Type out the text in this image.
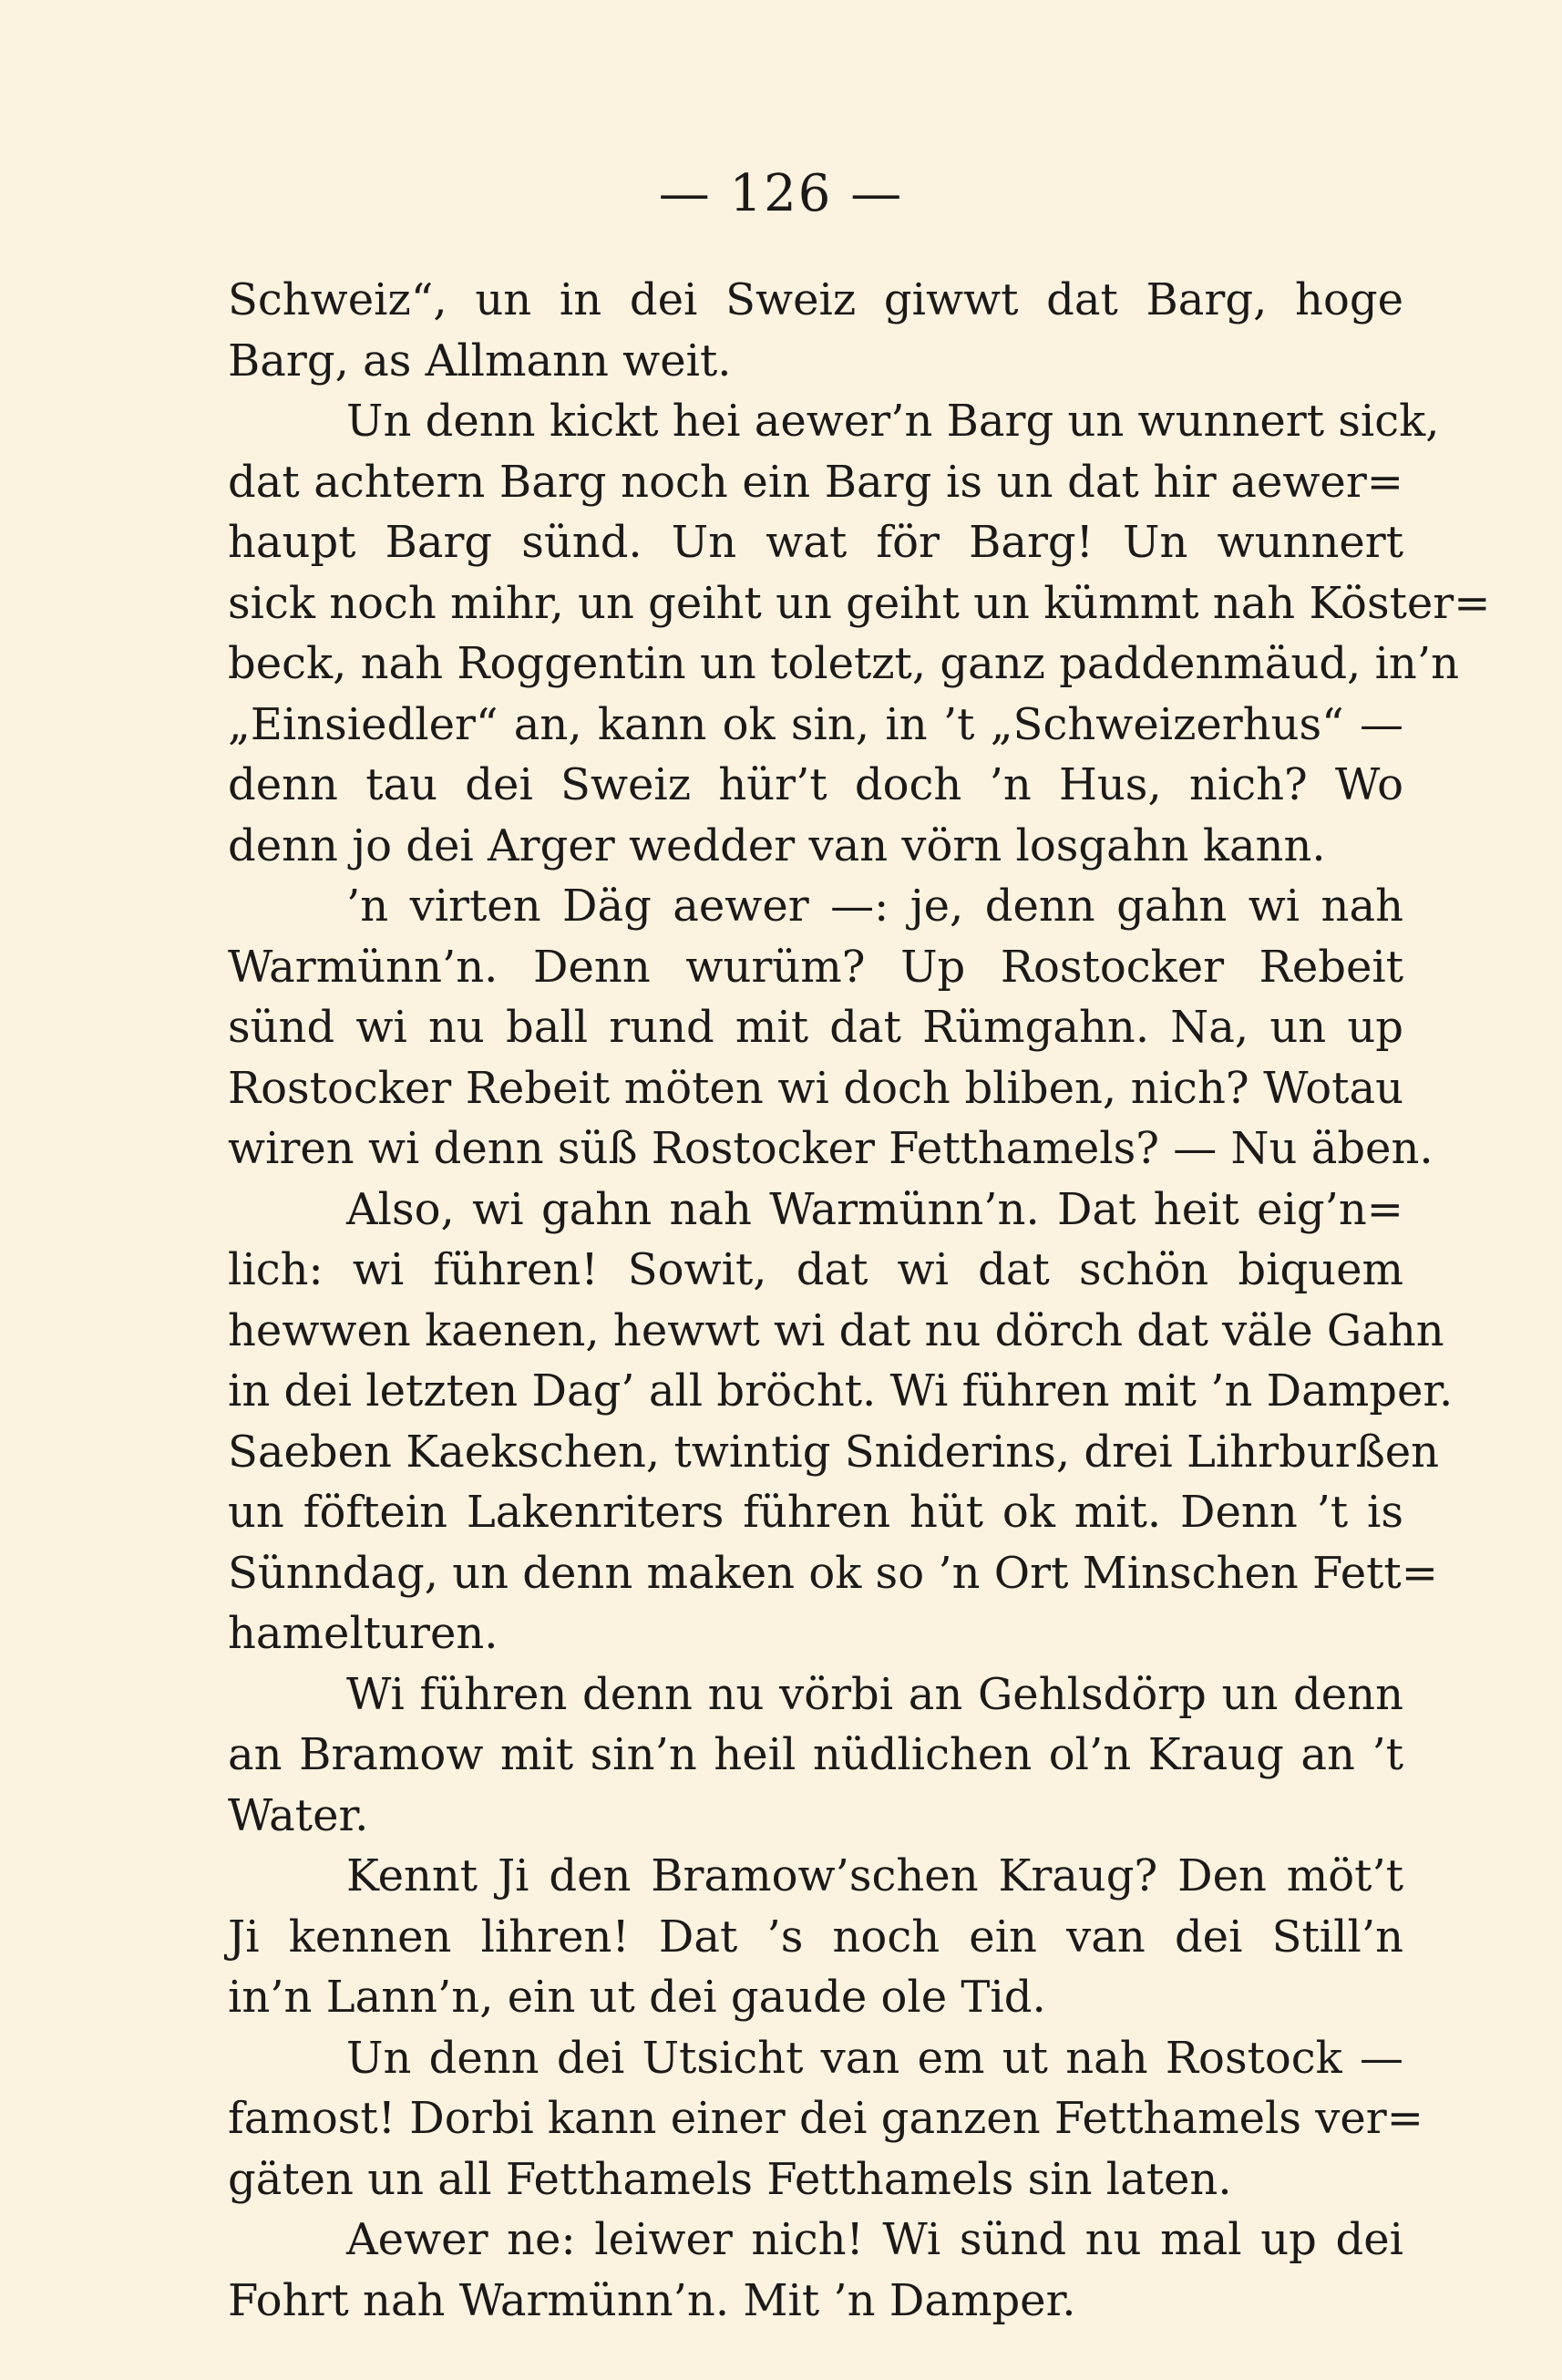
— 126 —
Schweiz“, un in dei Sweiz giwwt dat Barg, hoge
Barg, as Allmann weit.
Un denn kickt hei aewer’n Barg un wunnert sick,
dat achtern Barg noch ein Barg is un dat hir aewer=
haupt Barg sünd. Un wat för Barg! Un wunnert
sick noch mihr, un geiht un geiht un kümmt nah Köster=
beck, nah Roggentin un toletzt, ganz paddenmäud, in’n
„Einsiedler“ an, kann ok sin, in ’t „Schweizerhus“ —
denn tau dei Sweiz hür’t doch ’n Hus, nich? Wo
denn jo dei Arger wedder van vörn losgahn kann.
’n virten Däg aewer —: je, denn gahn wi nah
Warmünn’n. Denn wurüm? Up Rostocker Rebeit
sünd wi nu ball rund mit dat Rümgahn. Na, un up
Rostocker Rebeit möten wi doch bliben, nich? Wotau
wiren wi denn süß Rostocker Fetthamels? — Nu äben.
Also, wi gahn nah Warmünn’n. Dat heit eig’n=
lich: wi führen! Sowit, dat wi dat schön biquem
hewwen kaenen, hewwt wi dat nu dörch dat väle Gahn
in dei letzten Dag’ all bröcht. Wi führen mit ’n Damper.
Saeben Kaekschen, twintig Sniderins, drei Lihrburßen
un föftein Lakenriters führen hüt ok mit. Denn ’t is
Sünndag, un denn maken ok so ’n Ort Minschen Fett=
hamelturen.
Wi führen denn nu vörbi an Gehlsdörp un denn
an Bramow mit sin’n heil nüdlichen ol’n Kraug an ’t
Water.
Kennt Ji den Bramow’schen Kraug? Den möt’t
Ji kennen lihren! Dat ’s noch ein van dei Still’n
in’n Lann’n, ein ut dei gaude ole Tid.
Un denn dei Utsicht van em ut nah Rostock —
famost! Dorbi kann einer dei ganzen Fetthamels ver=
gäten un all Fetthamels Fetthamels sin laten.
Aewer ne: leiwer nich! Wi sünd nu mal up dei
Fohrt nah Warmünn’n. Mit ’n Damper.
